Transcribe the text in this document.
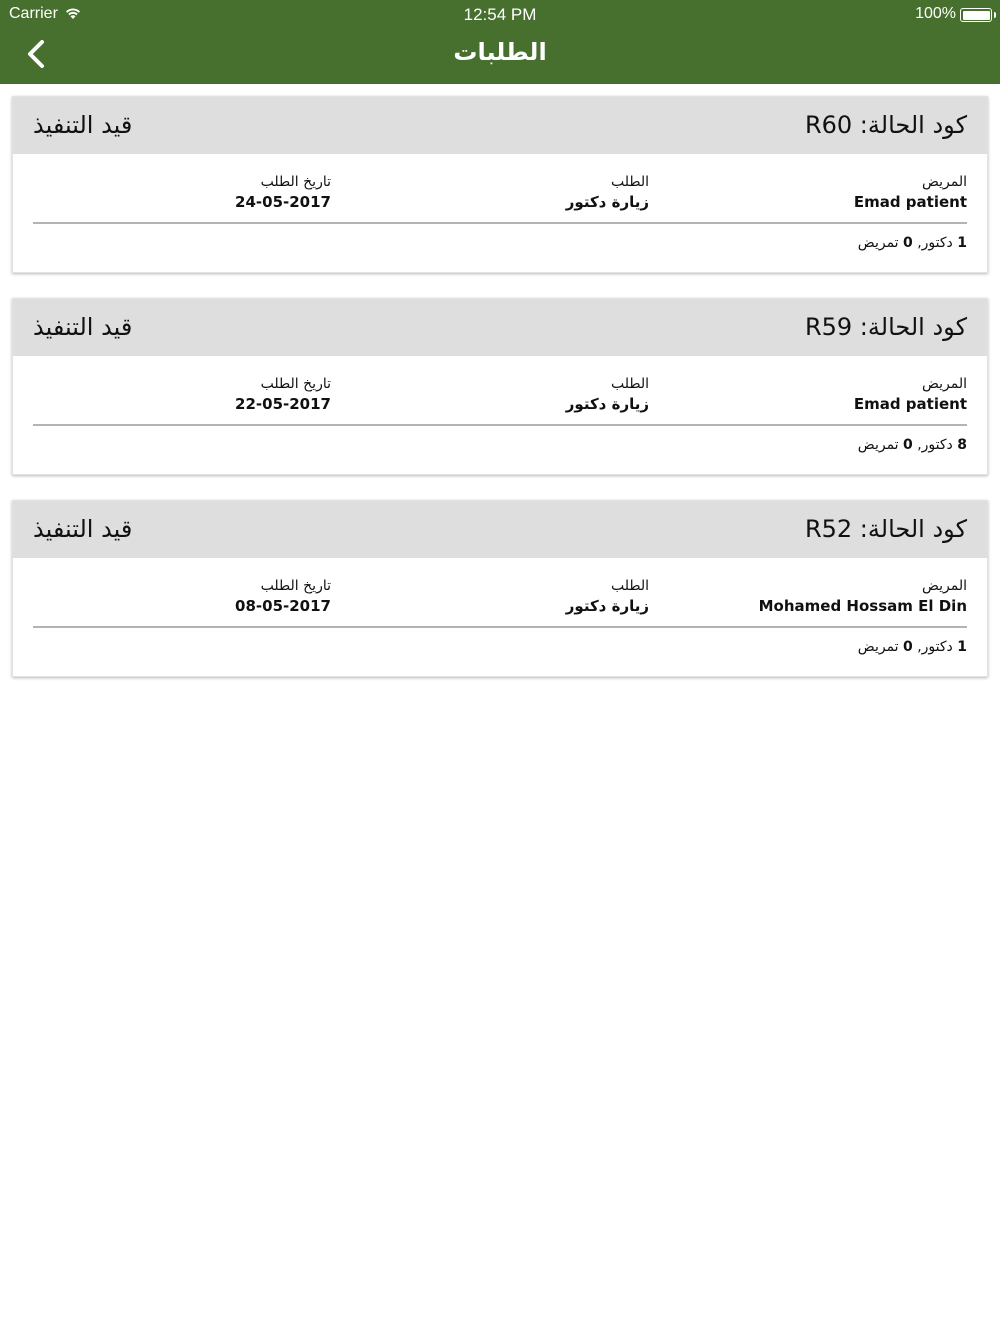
Carrier	12:54 PM	100%
الطلبات
كود الحالة: R60
قيد التنفيذ
المريض
Emad patient
الطلب
زيارة دكتور
تاريخ الطلب
24-05-2017
1 دكتور, 0 تمريض
كود الحالة: R59
قيد التنفيذ
المريض
Emad patient
الطلب
زيارة دكتور
تاريخ الطلب
22-05-2017
8 دكتور, 0 تمريض
كود الحالة: R52
قيد التنفيذ
المريض
Mohamed Hossam El Din
الطلب
زيارة دكتور
تاريخ الطلب
08-05-2017
1 دكتور, 0 تمريض
